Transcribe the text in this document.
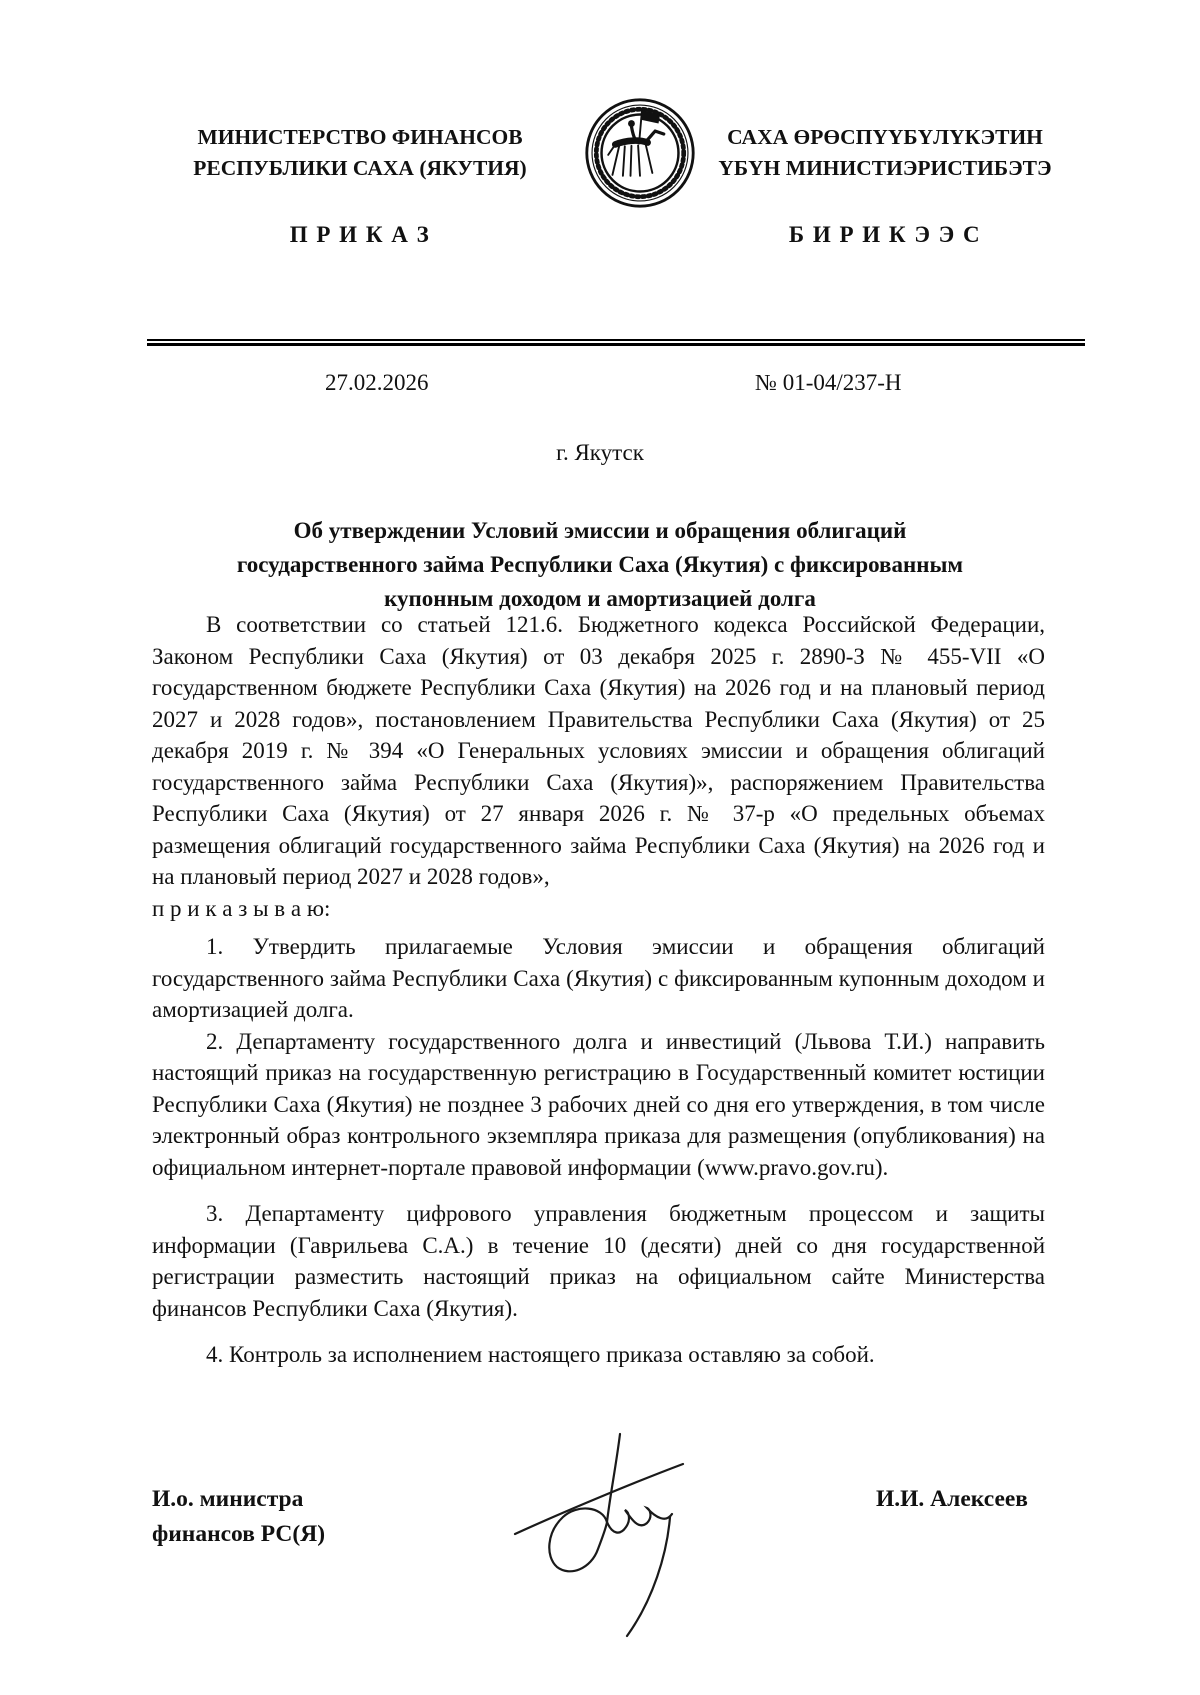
МИНИСТЕРСТВО ФИНАНСОВ
РЕСПУБЛИКИ САХА (ЯКУТИЯ)
П Р И К А З
САХА ӨРӨСПҮҮБҮЛҮКЭТИН
ҮБҮН МИНИСТИЭРИСТИБЭТЭ
Б И Р И К Э Э С
27.02.2026	№ 01-04/237-Н
г. Якутск
Об утверждении Условий эмиссии и обращения облигаций
государственного займа Республики Саха (Якутия) с фиксированным
купонным доходом и амортизацией долга

В соответствии со статьей 121.6. Бюджетного кодекса Российской Федерации, Законом Республики Саха (Якутия) от 03 декабря 2025 г. 2890-З № 455-VII «О государственном бюджете Республики Саха (Якутия) на 2026 год и на плановый период 2027 и 2028 годов», постановлением Правительства Республики Саха (Якутия) от 25 декабря 2019 г. № 394 «О Генеральных условиях эмиссии и обращения облигаций государственного займа Республики Саха (Якутия)», распоряжением Правительства Республики Саха (Якутия) от 27 января 2026 г. № 37-р «О предельных объемах размещения облигаций государственного займа Республики Саха (Якутия) на 2026 год и на плановый период 2027 и 2028 годов»,

п р и к а з ы в а ю:

1. Утвердить прилагаемые Условия эмиссии и обращения облигаций государственного займа Республики Саха (Якутия) с фиксированным купонным доходом и амортизацией долга.

2. Департаменту государственного долга и инвестиций (Львова Т.И.) направить настоящий приказ на государственную регистрацию в Государственный комитет юстиции Республики Саха (Якутия) не позднее 3 рабочих дней со дня его утверждения, в том числе электронный образ контрольного экземпляра приказа для размещения (опубликования) на официальном интернет-портале правовой информации (www.pravo.gov.ru).

3. Департаменту цифрового управления бюджетным процессом и защиты информации (Гаврильева С.А.) в течение 10 (десяти) дней со дня государственной регистрации разместить настоящий приказ на официальном сайте Министерства финансов Республики Саха (Якутия).

4. Контроль за исполнением настоящего приказа оставляю за собой.

И.о. министра
финансов РС(Я)
И.И. Алексеев
